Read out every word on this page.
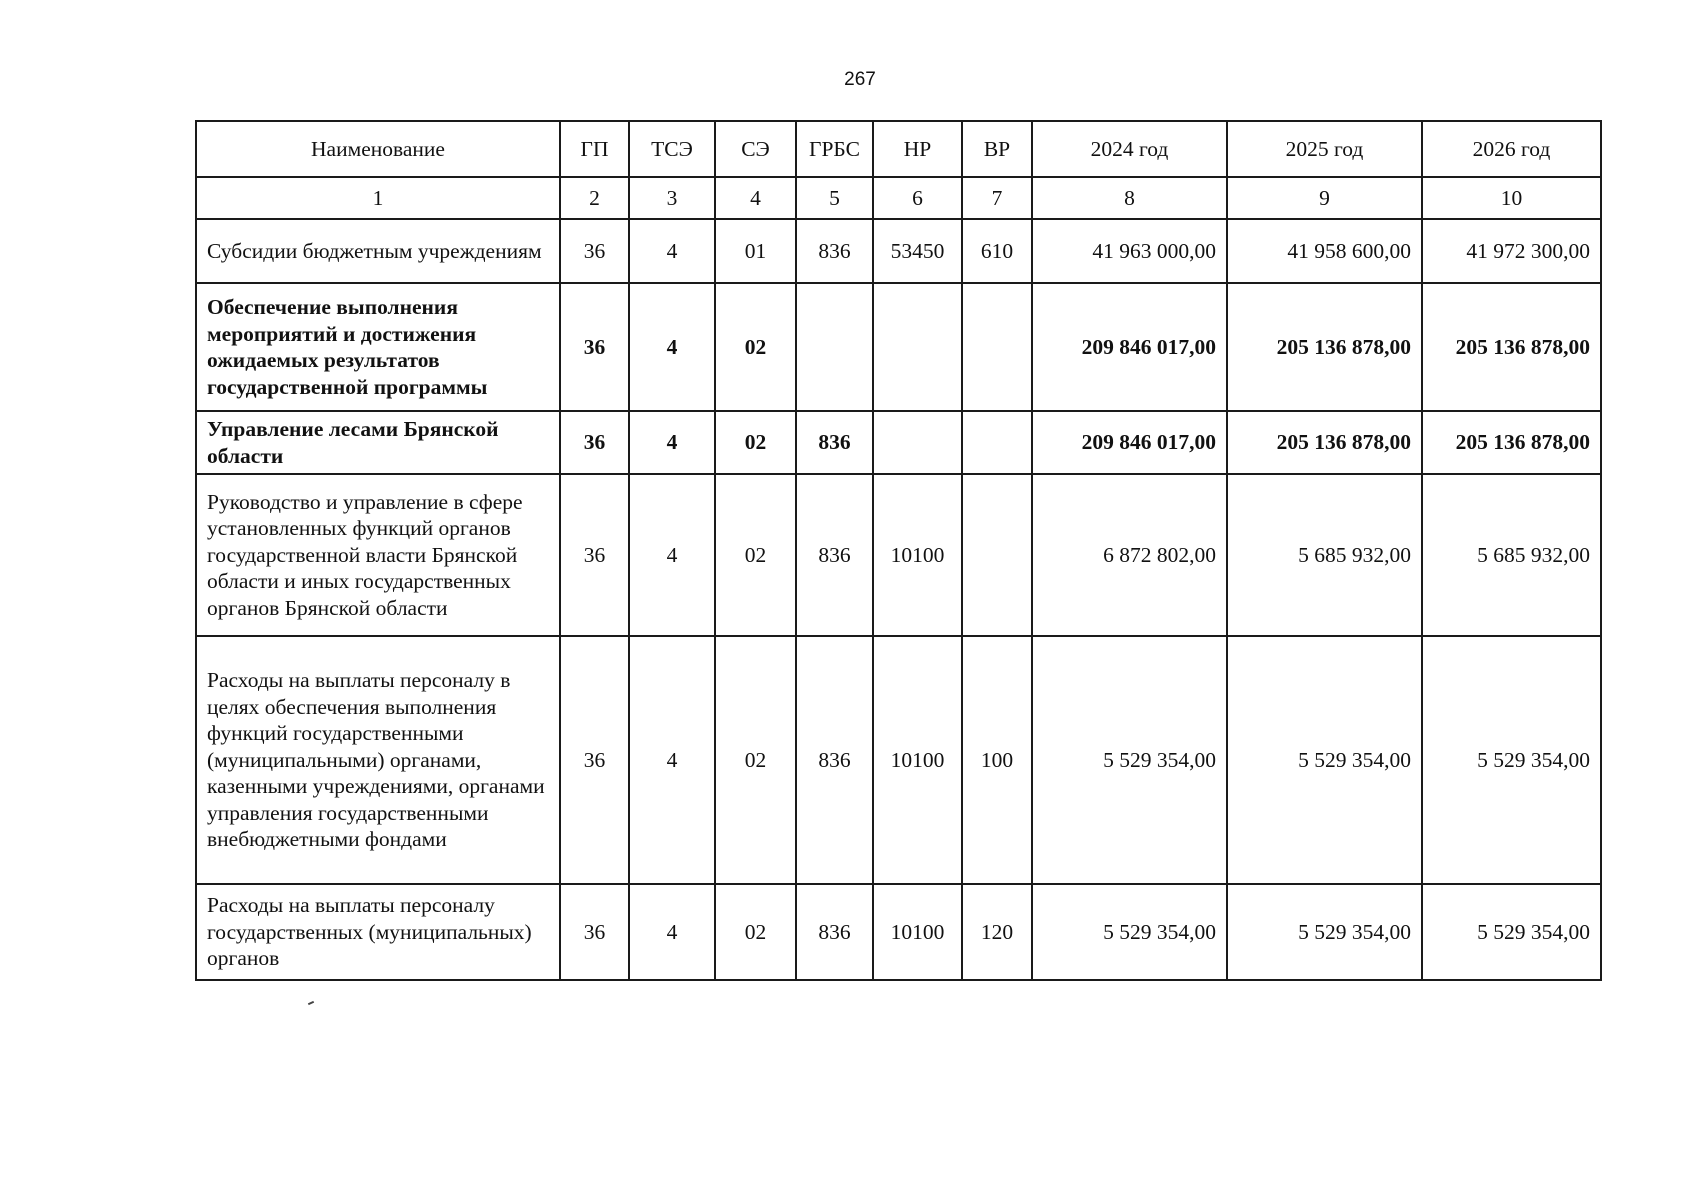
267
Наименование	ГП	ТСЭ	СЭ	ГРБС	НР	ВР	2024 год	2025 год	2026 год
1	2	3	4	5	6	7	8	9	10
Субсидии бюджетным учреждениям	36	4	01	836	53450	610	41 963 000,00	41 958 600,00	41 972 300,00
Обеспечение выполнения мероприятий и достижения ожидаемых результатов государственной программы	36	4	02				209 846 017,00	205 136 878,00	205 136 878,00
Управление лесами Брянской области	36	4	02	836			209 846 017,00	205 136 878,00	205 136 878,00
Руководство и управление в сфере установленных функций органов государственной власти Брянской области и иных государственных органов Брянской области	36	4	02	836	10100		6 872 802,00	5 685 932,00	5 685 932,00
Расходы на выплаты персоналу в целях обеспечения выполнения функций государственными (муниципальными) органами, казенными учреждениями, органами управления государственными внебюджетными фондами	36	4	02	836	10100	100	5 529 354,00	5 529 354,00	5 529 354,00
Расходы на выплаты персоналу государственных (муниципальных) органов	36	4	02	836	10100	120	5 529 354,00	5 529 354,00	5 529 354,00
